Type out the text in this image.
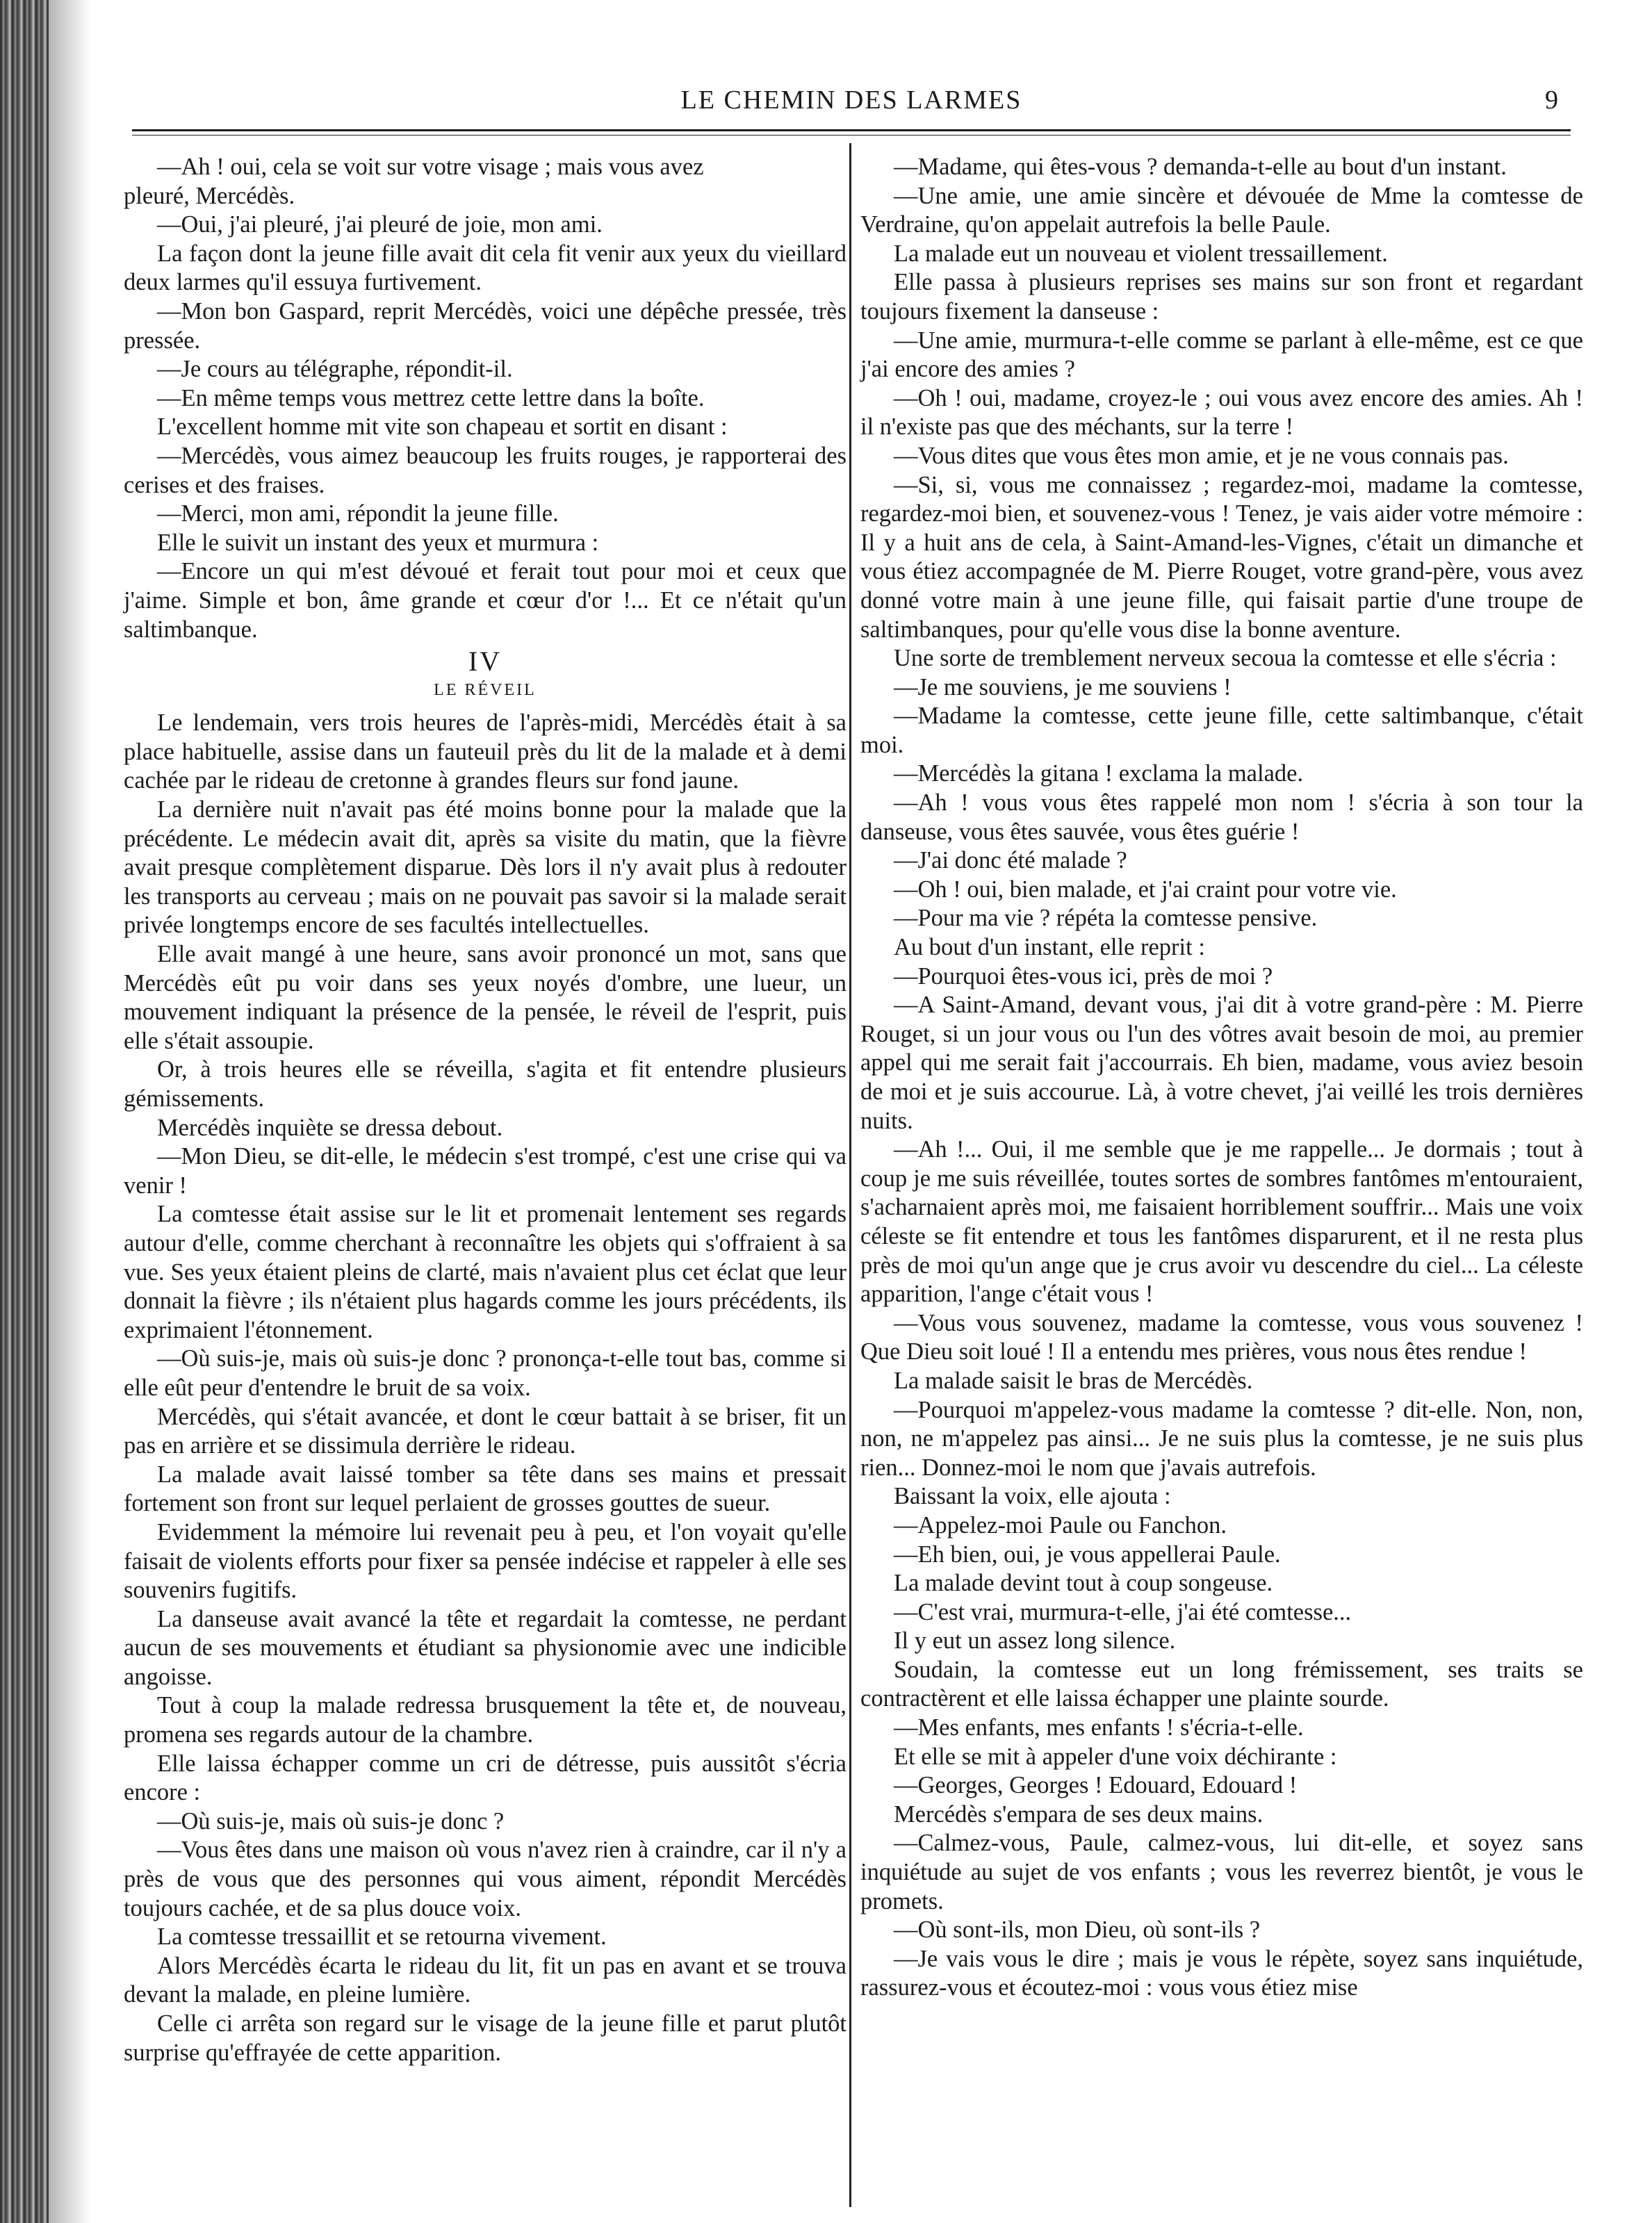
LE CHEMIN DES LARMES	9

—Ah ! oui, cela se voit sur votre visage ; mais vous avez

pleuré, Mercédès.

—Oui, j'ai pleuré, j'ai pleuré de joie, mon ami.

La façon dont la jeune fille avait dit cela fit venir aux yeux du vieillard deux larmes qu'il essuya furtivement.

—Mon bon Gaspard, reprit Mercédès, voici une dépêche pressée, très pressée.

—Je cours au télégraphe, répondit-il.

—En même temps vous mettrez cette lettre dans la boîte.

L'excellent homme mit vite son chapeau et sortit en disant :

—Mercédès, vous aimez beaucoup les fruits rouges, je rapporterai des cerises et des fraises.

—Merci, mon ami, répondit la jeune fille.

Elle le suivit un instant des yeux et murmura :

—Encore un qui m'est dévoué et ferait tout pour moi et ceux que j'aime. Simple et bon, âme grande et cœur d'or !... Et ce n'était qu'un saltimbanque.

IV

LE RÉVEIL

Le lendemain, vers trois heures de l'après-midi, Mercédès était à sa place habituelle, assise dans un fauteuil près du lit de la malade et à demi cachée par le rideau de cretonne à grandes fleurs sur fond jaune.

La dernière nuit n'avait pas été moins bonne pour la malade que la précédente. Le médecin avait dit, après sa visite du matin, que la fièvre avait presque complètement disparue. Dès lors il n'y avait plus à redouter les transports au cerveau ; mais on ne pouvait pas savoir si la malade serait privée longtemps encore de ses facultés intellectuelles.

Elle avait mangé à une heure, sans avoir prononcé un mot, sans que Mercédès eût pu voir dans ses yeux noyés d'ombre, une lueur, un mouvement indiquant la présence de la pensée, le réveil de l'esprit, puis elle s'était assoupie.

Or, à trois heures elle se réveilla, s'agita et fit entendre plusieurs gémissements.

Mercédès inquiète se dressa debout.

—Mon Dieu, se dit-elle, le médecin s'est trompé, c'est une crise qui va venir !

La comtesse était assise sur le lit et promenait lentement ses regards autour d'elle, comme cherchant à reconnaître les objets qui s'offraient à sa vue. Ses yeux étaient pleins de clarté, mais n'avaient plus cet éclat que leur donnait la fièvre ; ils n'étaient plus hagards comme les jours précédents, ils exprimaient l'étonnement.

—Où suis-je, mais où suis-je donc ? prononça-t-elle tout bas, comme si elle eût peur d'entendre le bruit de sa voix.

Mercédès, qui s'était avancée, et dont le cœur battait à se briser, fit un pas en arrière et se dissimula derrière le rideau.

La malade avait laissé tomber sa tête dans ses mains et pressait fortement son front sur lequel perlaient de grosses gouttes de sueur.

Evidemment la mémoire lui revenait peu à peu, et l'on voyait qu'elle faisait de violents efforts pour fixer sa pensée indécise et rappeler à elle ses souvenirs fugitifs.

La danseuse avait avancé la tête et regardait la comtesse, ne perdant aucun de ses mouvements et étudiant sa physionomie avec une indicible angoisse.

Tout à coup la malade redressa brusquement la tête et, de nouveau, promena ses regards autour de la chambre.

Elle laissa échapper comme un cri de détresse, puis aussitôt s'écria encore :

—Où suis-je, mais où suis-je donc ?

—Vous êtes dans une maison où vous n'avez rien à craindre, car il n'y a près de vous que des personnes qui vous aiment, répondit Mercédès toujours cachée, et de sa plus douce voix.

La comtesse tressaillit et se retourna vivement.

Alors Mercédès écarta le rideau du lit, fit un pas en avant et se trouva devant la malade, en pleine lumière.

Celle ci arrêta son regard sur le visage de la jeune fille et parut plutôt surprise qu'effrayée de cette apparition.

—Madame, qui êtes-vous ? demanda-t-elle au bout d'un instant.

—Une amie, une amie sincère et dévouée de Mme la comtesse de Verdraine, qu'on appelait autrefois la belle Paule.

La malade eut un nouveau et violent tressaillement.

Elle passa à plusieurs reprises ses mains sur son front et regardant toujours fixement la danseuse :

—Une amie, murmura-t-elle comme se parlant à elle-même, est ce que j'ai encore des amies ?

—Oh ! oui, madame, croyez-le ; oui vous avez encore des amies. Ah ! il n'existe pas que des méchants, sur la terre !

—Vous dites que vous êtes mon amie, et je ne vous connais pas.

—Si, si, vous me connaissez ; regardez-moi, madame la comtesse, regardez-moi bien, et souvenez-vous ! Tenez, je vais aider votre mémoire : Il y a huit ans de cela, à Saint-Amand-les-Vignes, c'était un dimanche et vous étiez accompagnée de M. Pierre Rouget, votre grand-père, vous avez donné votre main à une jeune fille, qui faisait partie d'une troupe de saltimbanques, pour qu'elle vous dise la bonne aventure.

Une sorte de tremblement nerveux secoua la comtesse et elle s'écria :

—Je me souviens, je me souviens !

—Madame la comtesse, cette jeune fille, cette saltimbanque, c'était moi.

—Mercédès la gitana ! exclama la malade.

—Ah ! vous vous êtes rappelé mon nom ! s'écria à son tour la danseuse, vous êtes sauvée, vous êtes guérie !

—J'ai donc été malade ?

—Oh ! oui, bien malade, et j'ai craint pour votre vie.

—Pour ma vie ? répéta la comtesse pensive.

Au bout d'un instant, elle reprit :

—Pourquoi êtes-vous ici, près de moi ?

—A Saint-Amand, devant vous, j'ai dit à votre grand-père : M. Pierre Rouget, si un jour vous ou l'un des vôtres avait besoin de moi, au premier appel qui me serait fait j'accourrais. Eh bien, madame, vous aviez besoin de moi et je suis accourue. Là, à votre chevet, j'ai veillé les trois dernières nuits.

—Ah !... Oui, il me semble que je me rappelle... Je dormais ; tout à coup je me suis réveillée, toutes sortes de sombres fantômes m'entouraient, s'acharnaient après moi, me faisaient horriblement souffrir... Mais une voix céleste se fit entendre et tous les fantômes disparurent, et il ne resta plus près de moi qu'un ange que je crus avoir vu descendre du ciel... La céleste apparition, l'ange c'était vous !

—Vous vous souvenez, madame la comtesse, vous vous souvenez ! Que Dieu soit loué ! Il a entendu mes prières, vous nous êtes rendue !

La malade saisit le bras de Mercédès.

—Pourquoi m'appelez-vous madame la comtesse ? dit-elle. Non, non, non, ne m'appelez pas ainsi... Je ne suis plus la comtesse, je ne suis plus rien... Donnez-moi le nom que j'avais autrefois.

Baissant la voix, elle ajouta :

—Appelez-moi Paule ou Fanchon.

—Eh bien, oui, je vous appellerai Paule.

La malade devint tout à coup songeuse.

—C'est vrai, murmura-t-elle, j'ai été comtesse...

Il y eut un assez long silence.

Soudain, la comtesse eut un long frémissement, ses traits se contractèrent et elle laissa échapper une plainte sourde.

—Mes enfants, mes enfants ! s'écria-t-elle.

Et elle se mit à appeler d'une voix déchirante :

—Georges, Georges ! Edouard, Edouard !

Mercédès s'empara de ses deux mains.

—Calmez-vous, Paule, calmez-vous, lui dit-elle, et soyez sans inquiétude au sujet de vos enfants ; vous les reverrez bientôt, je vous le promets.

—Où sont-ils, mon Dieu, où sont-ils ?

—Je vais vous le dire ; mais je vous le répète, soyez sans inquiétude, rassurez-vous et écoutez-moi : vous vous étiez mise
